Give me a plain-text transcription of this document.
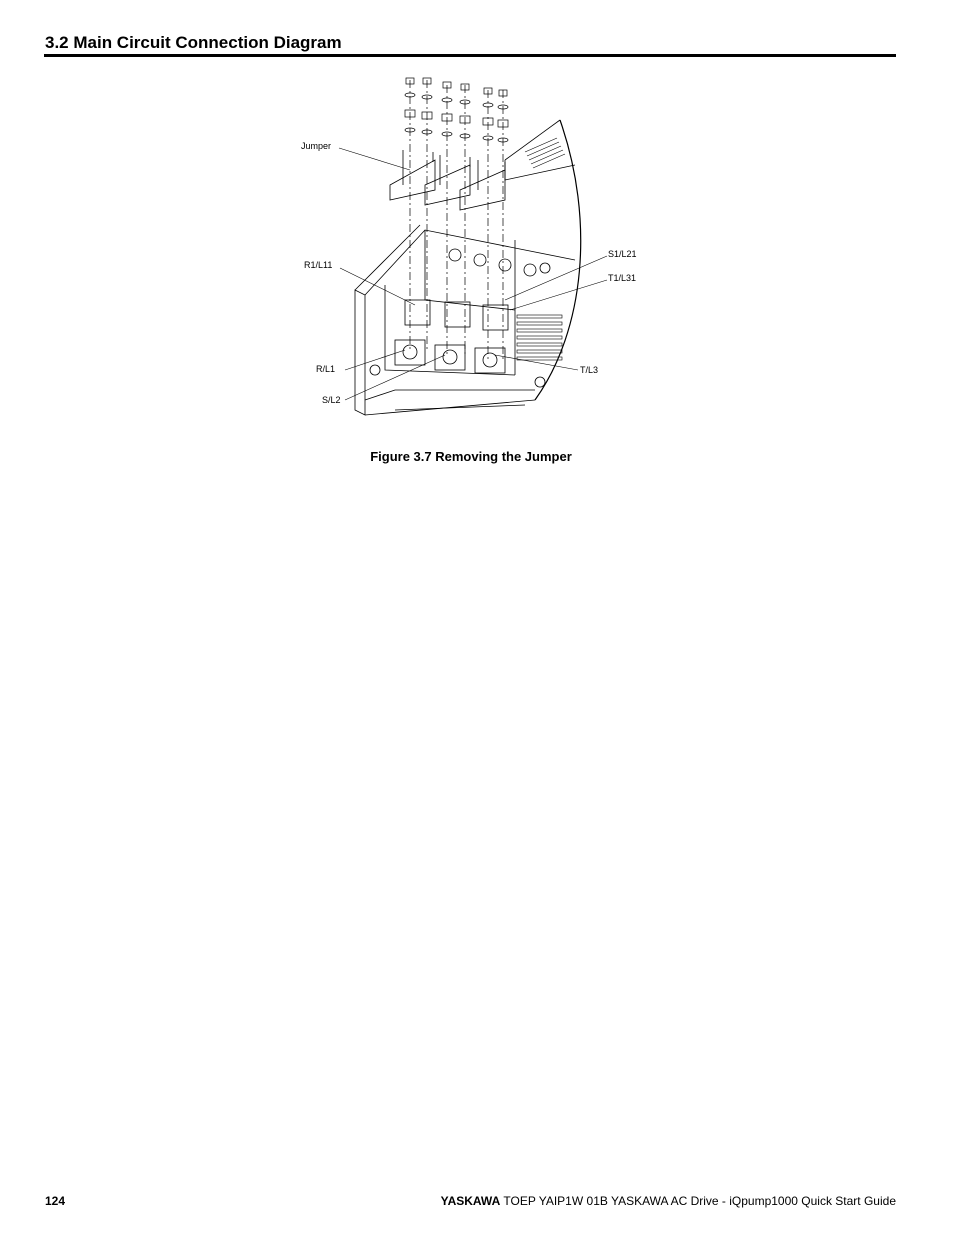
3.2 Main Circuit Connection Diagram
Jumper
R1/L11
S1/L21
T1/L31
R/L1
S/L2
T/L3
Figure 3.7 Removing the Jumper
124	YASKAWA TOEP YAIP1W 01B YASKAWA AC Drive - iQpump1000 Quick Start Guide
